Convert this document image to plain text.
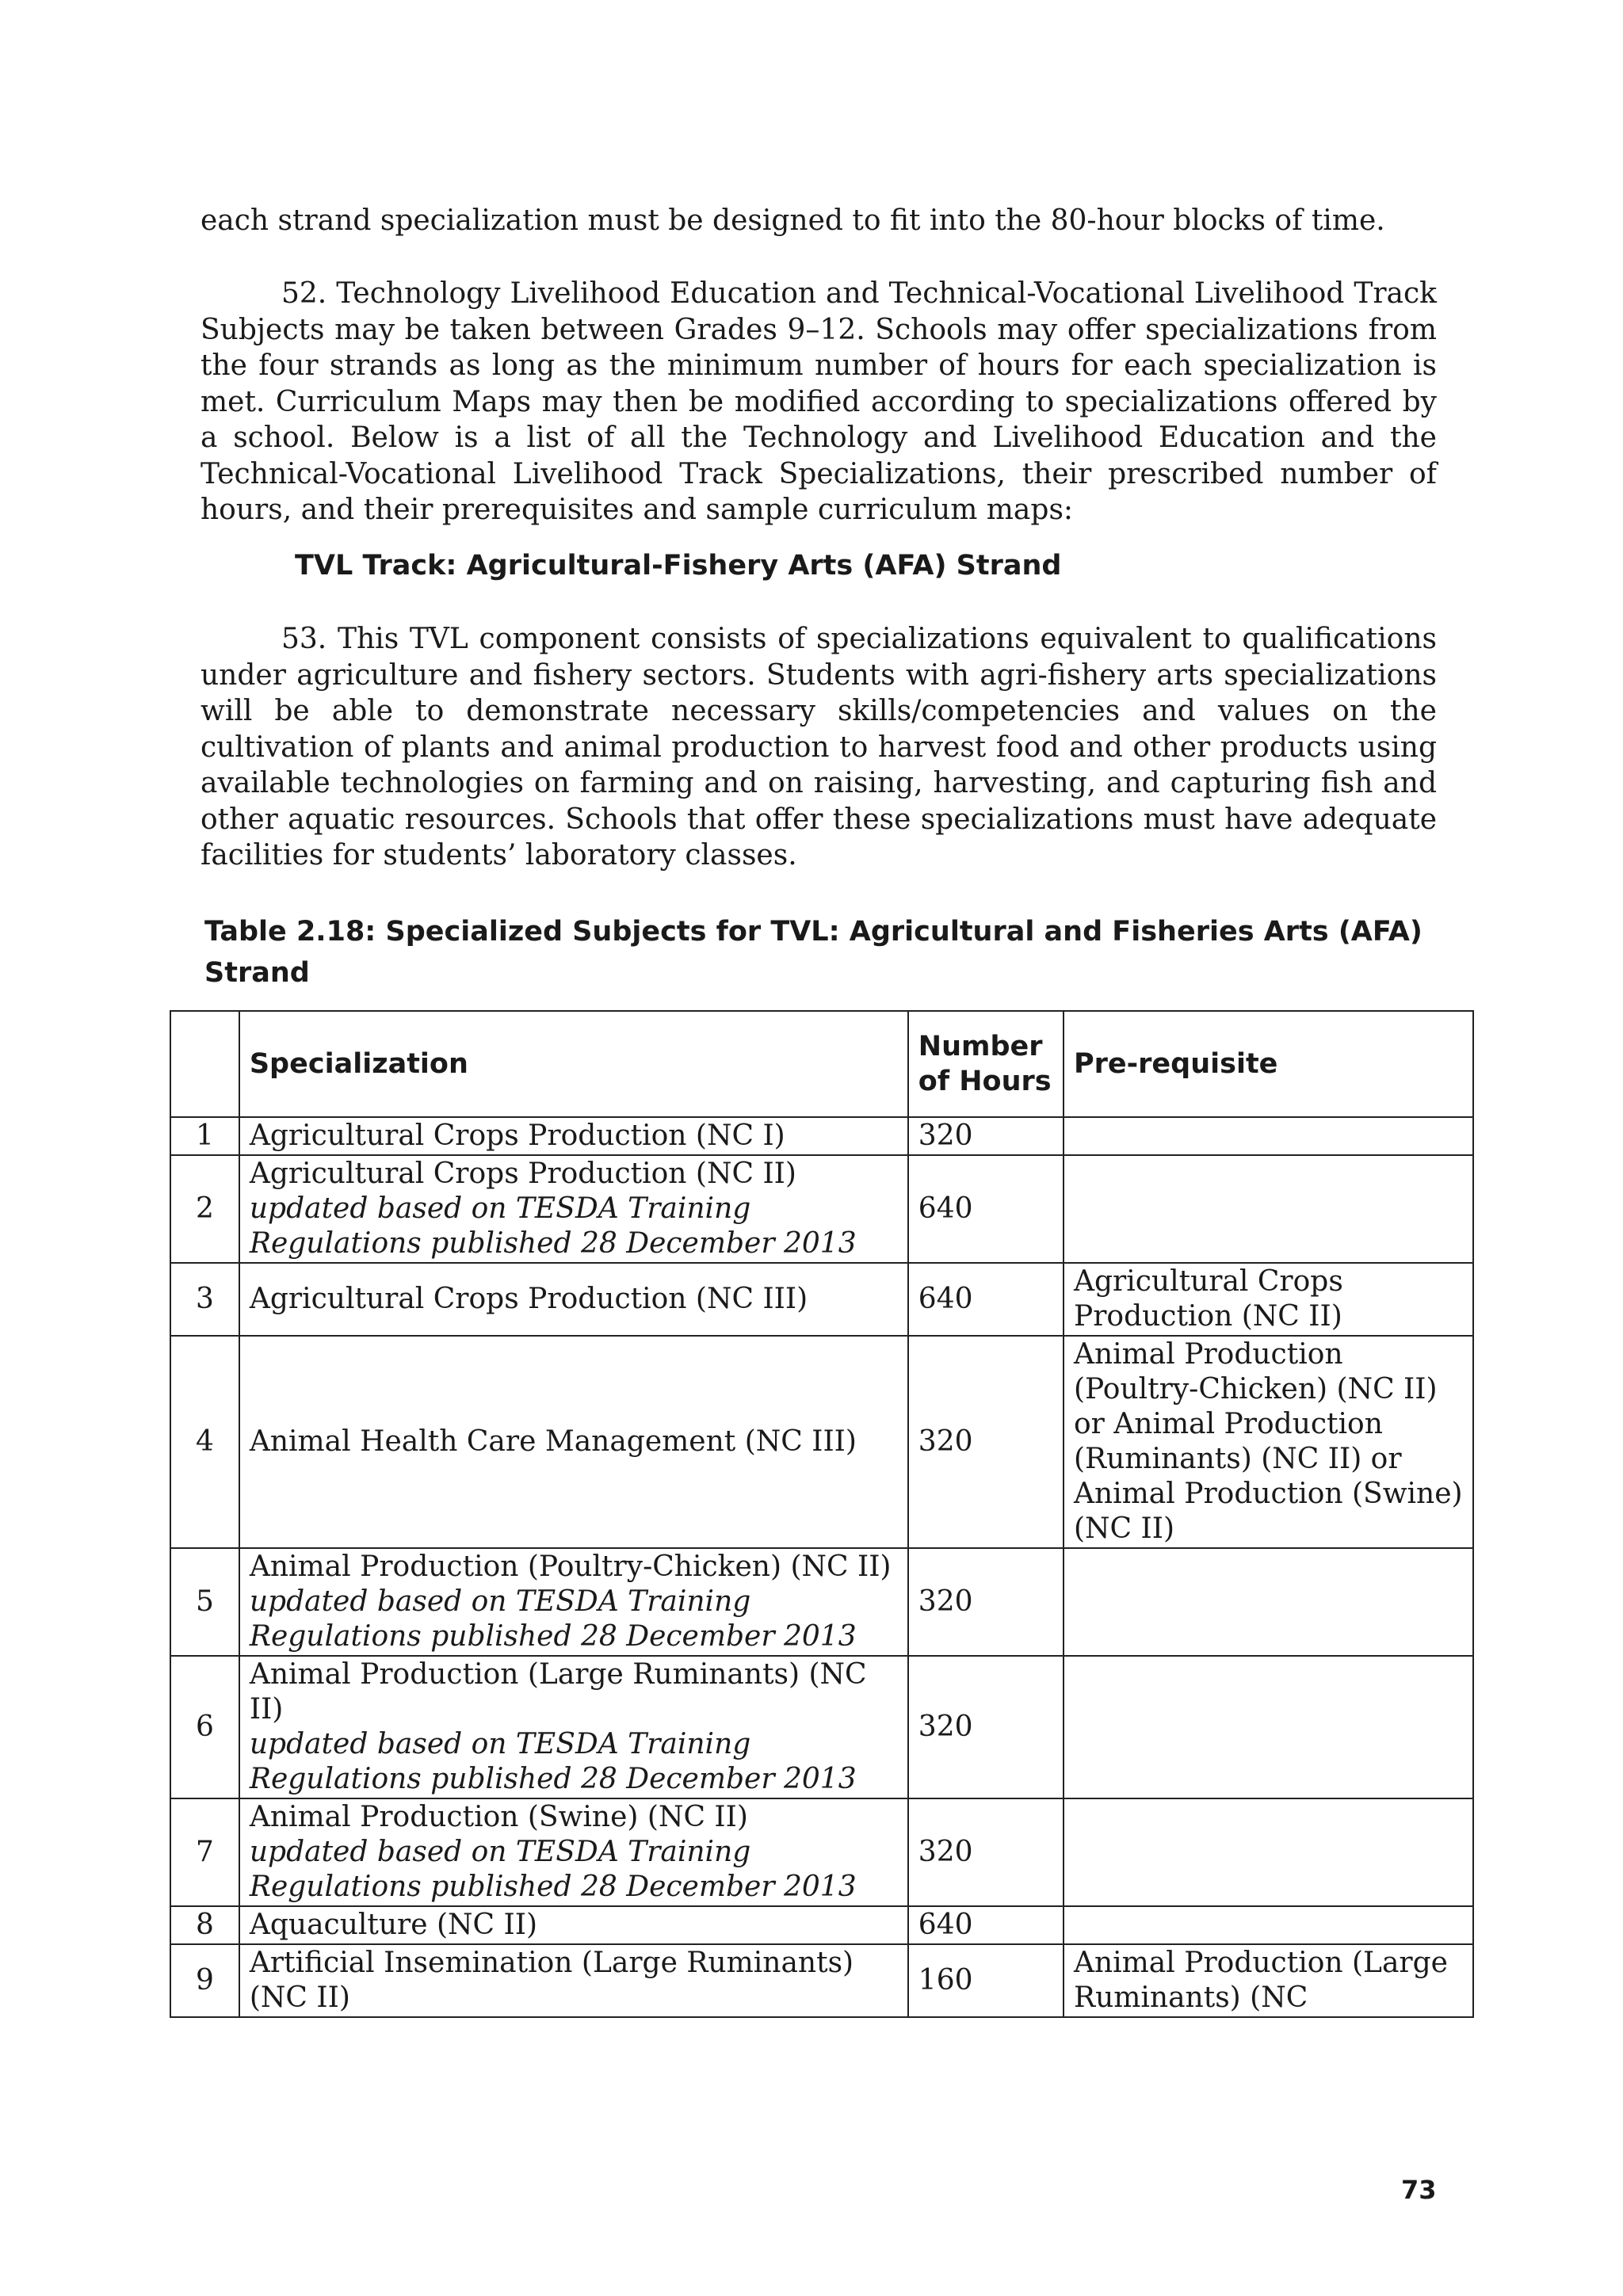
each strand specialization must be designed to fit into the 80-hour blocks of time.

52. Technology Livelihood Education and Technical-Vocational Livelihood Track Subjects may be taken between Grades 9–12. Schools may offer specializations from the four strands as long as the minimum number of hours for each specialization is met. Curriculum Maps may then be modified according to specializations offered by a school. Below is a list of all the Technology and Livelihood Education and the Technical-Vocational Livelihood Track Specializations, their prescribed number of hours, and their prerequisites and sample curriculum maps:

TVL Track: Agricultural-Fishery Arts (AFA) Strand

53. This TVL component consists of specializations equivalent to qualifications under agriculture and fishery sectors. Students with agri-fishery arts specializations will be able to demonstrate necessary skills/competencies and values on the cultivation of plants and animal production to harvest food and other products using available technologies on farming and on raising, harvesting, and capturing fish and other aquatic resources. Schools that offer these specializations must have adequate facilities for students’ laboratory classes.

Table 2.18: Specialized Subjects for TVL: Agricultural and Fisheries Arts (AFA) Strand

	Specialization	Number of Hours	Pre-requisite
1	Agricultural Crops Production (NC I)	320	
2	Agricultural Crops Production (NC II)
updated based on TESDA Training Regulations published 28 December 2013	640	
3	Agricultural Crops Production (NC III)	640	Agricultural Crops Production (NC II)
4	Animal Health Care Management (NC III)	320	Animal Production (Poultry-Chicken) (NC II) or Animal Production (Ruminants) (NC II) or Animal Production (Swine) (NC II)
5	Animal Production (Poultry-Chicken) (NC II)
updated based on TESDA Training Regulations published 28 December 2013	320	
6	Animal Production (Large Ruminants) (NC II)
updated based on TESDA Training Regulations published 28 December 2013	320	
7	Animal Production (Swine) (NC II)
updated based on TESDA Training Regulations published 28 December 2013	320	
8	Aquaculture (NC II)	640	
9	Artificial Insemination (Large Ruminants) (NC II)	160	Animal Production (Large Ruminants) (NC
73
